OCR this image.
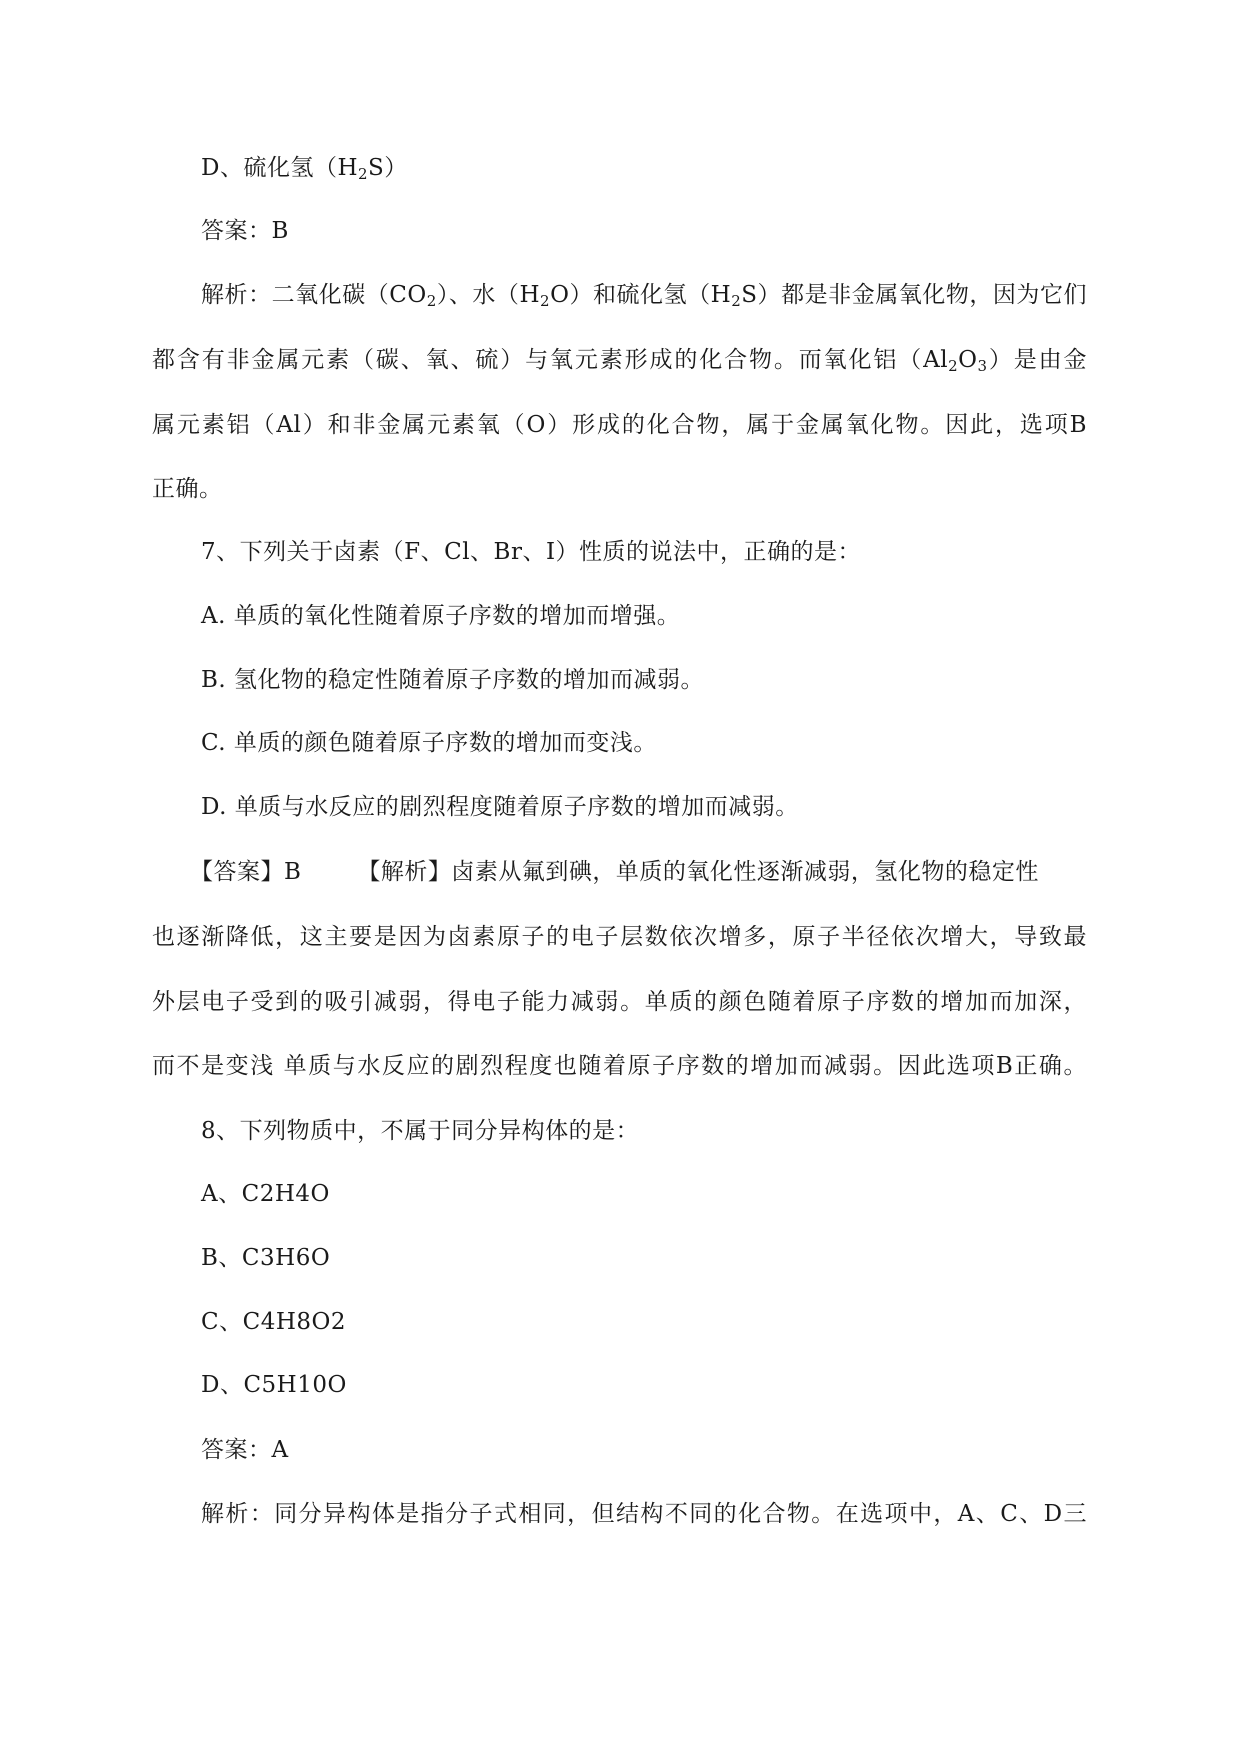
D、硫化氢$(H_2S)$
答案：B
解析：二氧化碳$(CO_2)$、水$(H_2O)$和硫化氢$(H_2S)$都是非金属氧化物，因为它们
都含有非金属元素（碳、氧、硫）与氧元素形成的化合物。而氧化铝$(Al_2O_3)$是由金
属元素铝（Al）和非金属元素氧（O）形成的化合物，属于金属氧化物。因此，选项B
正确。
7、下列关于卤素（F、Cl、Br、I）性质的说法中，正确的是：
A. 单质的氧化性随着原子序数的增加而增强。
B. 氢化物的稳定性随着原子序数的增加而减弱。
C. 单质的颜色随着原子序数的增加而变浅。
D. 单质与水反应的剧烈程度随着原子序数的增加而减弱。
【答案】B 【解析】卤素从氟到碘，单质的氧化性逐渐减弱，氢化物的稳定性
也逐渐降低，这主要是因为卤素原子的电子层数依次增多，原子半径依次增大，导致最
外层电子受到的吸引减弱，得电子能力减弱。单质的颜色随着原子序数的增加而加深，
而不是变浅 单质与水反应的剧烈程度也随着原子序数的增加而减弱。因此选项B正确。
8、下列物质中，不属于同分异构体的是：
A、C2H4O
B、C3H6O
C、C4H8O2
D、C5H10O
答案：A
解析：同分异构体是指分子式相同，但结构不同的化合物。在选项中，A、C、D三
